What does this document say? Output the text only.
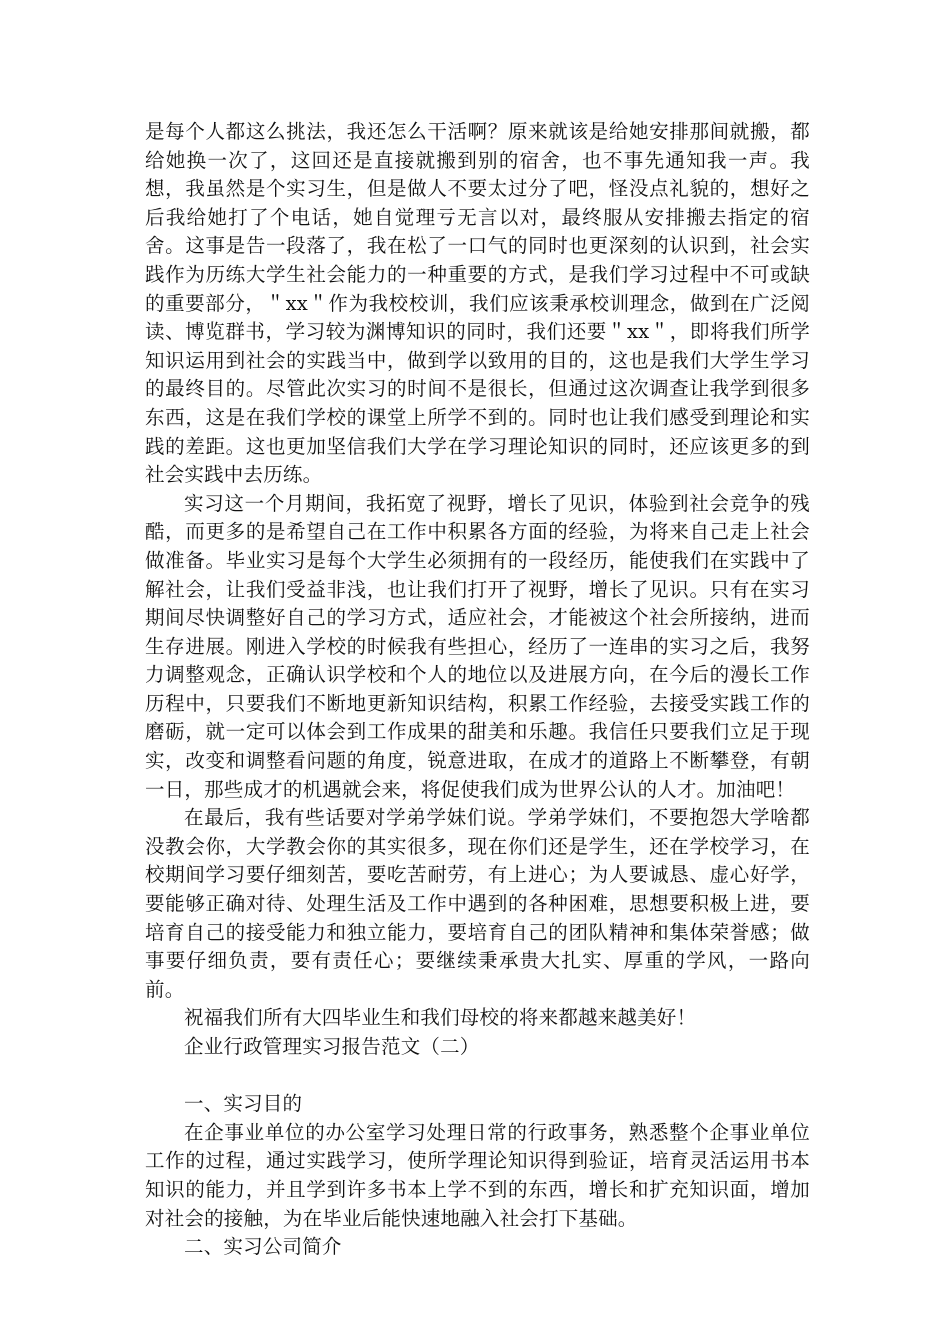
是每个人都这么挑法，我还怎么干活啊？原来就该是给她安排那间就搬，都给她换一次了，这回还是直接就搬到别的宿舍，也不事先通知我一声。我想，我虽然是个实习生，但是做人不要太过分了吧，怪没点礼貌的，想好之后我给她打了个电话，她自觉理亏无言以对，最终服从安排搬去指定的宿舍。这事是告一段落了，我在松了一口气的同时也更深刻的认识到，社会实践作为历练大学生社会能力的一种重要的方式，是我们学习过程中不可或缺的重要部分，＂xx＂作为我校校训，我们应该秉承校训理念，做到在广泛阅读、博览群书，学习较为渊博知识的同时，我们还要＂xx＂，即将我们所学知识运用到社会的实践当中，做到学以致用的目的，这也是我们大学生学习的最终目的。尽管此次实习的时间不是很长，但通过这次调查让我学到很多东西，这是在我们学校的课堂上所学不到的。同时也让我们感受到理论和实践的差距。这也更加坚信我们大学在学习理论知识的同时，还应该更多的到社会实践中去历练。

实习这一个月期间，我拓宽了视野，增长了见识，体验到社会竞争的残酷，而更多的是希望自己在工作中积累各方面的经验，为将来自己走上社会做准备。毕业实习是每个大学生必须拥有的一段经历，能使我们在实践中了解社会，让我们受益非浅，也让我们打开了视野，增长了见识。只有在实习期间尽快调整好自己的学习方式，适应社会，才能被这个社会所接纳，进而生存进展。刚进入学校的时候我有些担心，经历了一连串的实习之后，我努力调整观念，正确认识学校和个人的地位以及进展方向，在今后的漫长工作历程中，只要我们不断地更新知识结构，积累工作经验，去接受实践工作的磨砺，就一定可以体会到工作成果的甜美和乐趣。我信任只要我们立足于现实，改变和调整看问题的角度，锐意进取，在成才的道路上不断攀登，有朝一日，那些成才的机遇就会来，将促使我们成为世界公认的人才。加油吧！

在最后，我有些话要对学弟学妹们说。学弟学妹们，不要抱怨大学啥都没教会你，大学教会你的其实很多，现在你们还是学生，还在学校学习，在校期间学习要仔细刻苦，要吃苦耐劳，有上进心；为人要诚恳、虚心好学，要能够正确对待、处理生活及工作中遇到的各种困难，思想要积极上进，要培育自己的接受能力和独立能力，要培育自己的团队精神和集体荣誉感；做事要仔细负责，要有责任心；要继续秉承贵大扎实、厚重的学风，一路向前。

祝福我们所有大四毕业生和我们母校的将来都越来越美好！

企业行政管理实习报告范文（二）

一、实习目的

在企事业单位的办公室学习处理日常的行政事务，熟悉整个企事业单位工作的过程，通过实践学习，使所学理论知识得到验证，培育灵活运用书本知识的能力，并且学到许多书本上学不到的东西，增长和扩充知识面，增加对社会的接触，为在毕业后能快速地融入社会打下基础。

二、实习公司简介
